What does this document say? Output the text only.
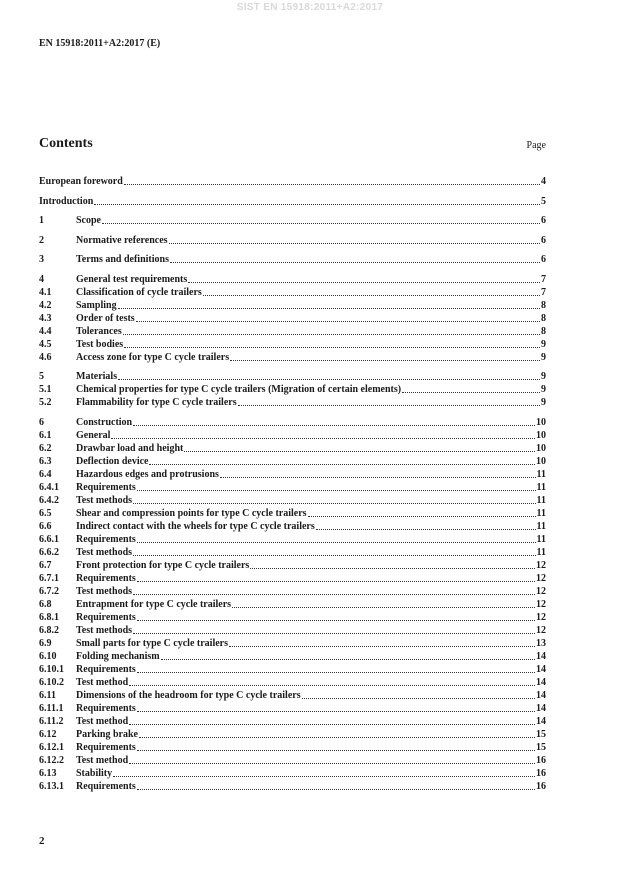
SIST EN 15918:2011+A2:2017
EN 15918:2011+A2:2017 (E)
Contents	Page
European foreword	4
Introduction	5
1	Scope	6
2	Normative references	6
3	Terms and definitions	6
4	General test requirements	7
4.1	Classification of cycle trailers	7
4.2	Sampling	8
4.3	Order of tests	8
4.4	Tolerances	8
4.5	Test bodies	9
4.6	Access zone for type C cycle trailers	9
5	Materials	9
5.1	Chemical properties for type C cycle trailers (Migration of certain elements)	9
5.2	Flammability for type C cycle trailers	9
6	Construction	10
6.1	General	10
6.2	Drawbar load and height	10
6.3	Deflection device	10
6.4	Hazardous edges and protrusions	11
6.4.1	Requirements	11
6.4.2	Test methods	11
6.5	Shear and compression points for type C cycle trailers	11
6.6	Indirect contact with the wheels for type C cycle trailers	11
6.6.1	Requirements	11
6.6.2	Test methods	11
6.7	Front protection for type C cycle trailers	12
6.7.1	Requirements	12
6.7.2	Test methods	12
6.8	Entrapment for type C cycle trailers	12
6.8.1	Requirements	12
6.8.2	Test methods	12
6.9	Small parts for type C cycle trailers	13
6.10	Folding mechanism	14
6.10.1	Requirements	14
6.10.2	Test method	14
6.11	Dimensions of the headroom for type C cycle trailers	14
6.11.1	Requirements	14
6.11.2	Test method	14
6.12	Parking brake	15
6.12.1	Requirements	15
6.12.2	Test method	16
6.13	Stability	16
6.13.1	Requirements	16
2
